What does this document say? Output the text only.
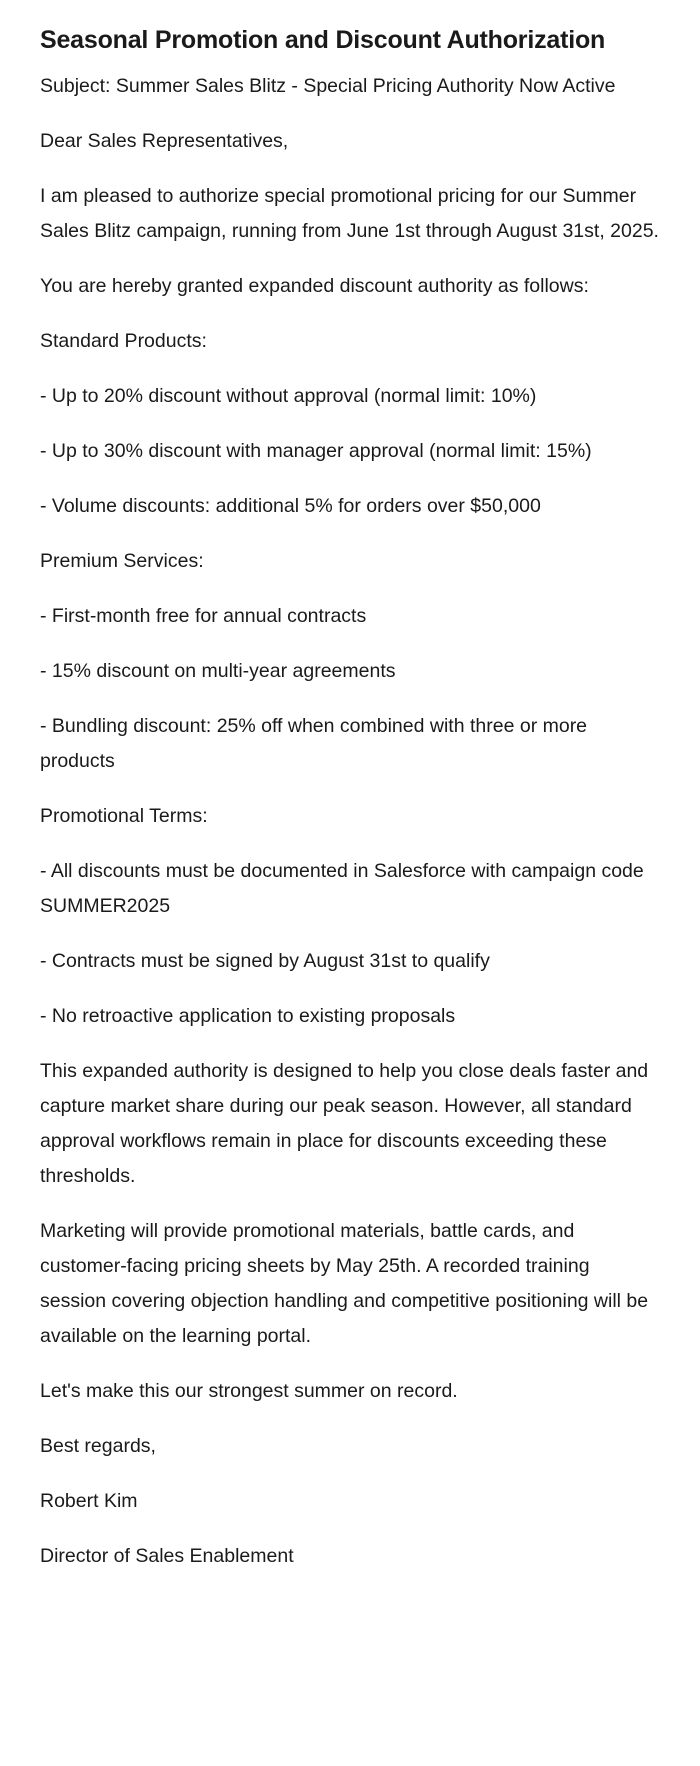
Seasonal Promotion and Discount Authorization

Subject: Summer Sales Blitz - Special Pricing Authority Now Active

Dear Sales Representatives,

I am pleased to authorize special promotional pricing for our Summer Sales Blitz campaign, running from June 1st through August 31st, 2025.

You are hereby granted expanded discount authority as follows:

Standard Products:

- Up to 20% discount without approval (normal limit: 10%)

- Up to 30% discount with manager approval (normal limit: 15%)

- Volume discounts: additional 5% for orders over $50,000

Premium Services:

- First-month free for annual contracts

- 15% discount on multi-year agreements

- Bundling discount: 25% off when combined with three or more products

Promotional Terms:

- All discounts must be documented in Salesforce with campaign code SUMMER2025

- Contracts must be signed by August 31st to qualify

- No retroactive application to existing proposals

This expanded authority is designed to help you close deals faster and capture market share during our peak season. However, all standard approval workflows remain in place for discounts exceeding these thresholds.

Marketing will provide promotional materials, battle cards, and customer-facing pricing sheets by May 25th. A recorded training session covering objection handling and competitive positioning will be available on the learning portal.

Let's make this our strongest summer on record.

Best regards,

Robert Kim

Director of Sales Enablement
